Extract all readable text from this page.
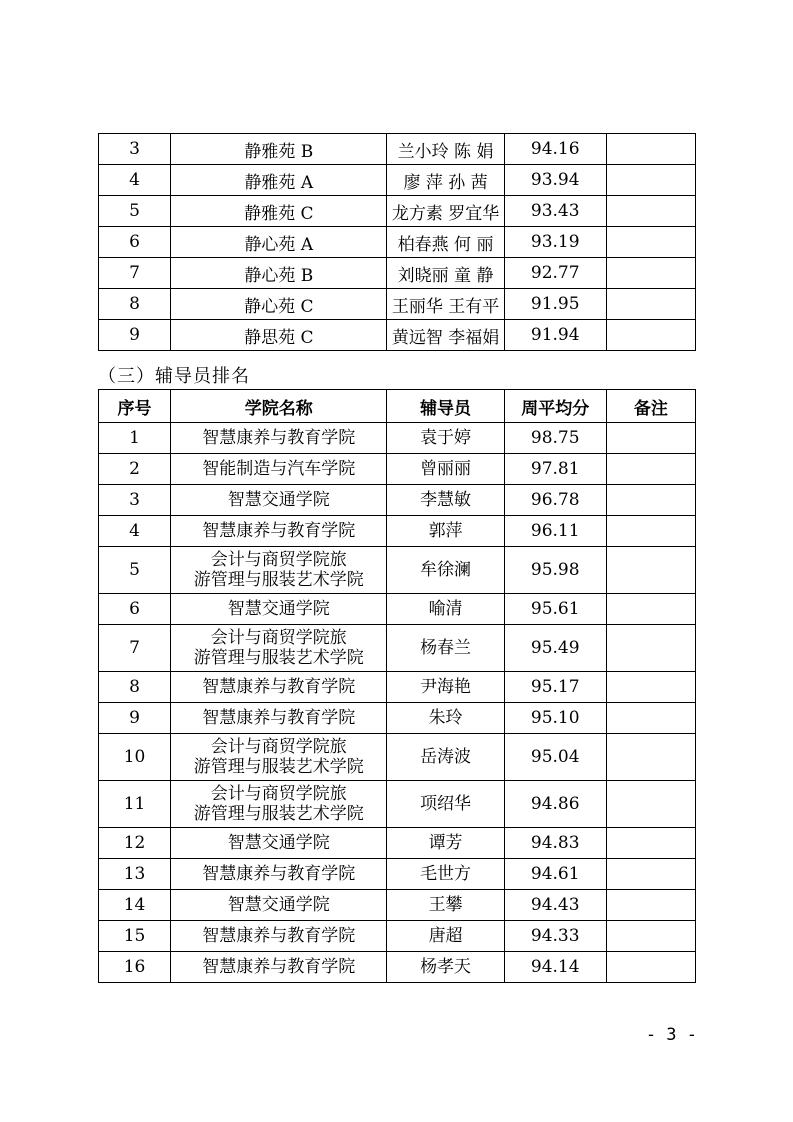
3	静雅苑 B	兰小玲 陈 娟	94.16	
4	静雅苑 A	廖 萍 孙 茜	93.94	
5	静雅苑 C	龙方素 罗宜华	93.43	
6	静心苑 A	柏春燕 何 丽	93.19	
7	静心苑 B	刘晓丽 童 静	92.77	
8	静心苑 C	王丽华 王有平	91.95	
9	静思苑 C	黄远智 李福娟	91.94	
（三）辅导员排名
序号	学院名称	辅导员	周平均分	备注
1	智慧康养与教育学院	袁于婷	98.75	
2	智能制造与汽车学院	曾丽丽	97.81	
3	智慧交通学院	李慧敏	96.78	
4	智慧康养与教育学院	郭萍	96.11	
5	会计与商贸学院旅
游管理与服装艺术学院	牟徐澜	95.98	
6	智慧交通学院	喻清	95.61	
7	会计与商贸学院旅
游管理与服装艺术学院	杨春兰	95.49	
8	智慧康养与教育学院	尹海艳	95.17	
9	智慧康养与教育学院	朱玲	95.10	
10	会计与商贸学院旅
游管理与服装艺术学院	岳涛波	95.04	
11	会计与商贸学院旅
游管理与服装艺术学院	项绍华	94.86	
12	智慧交通学院	谭芳	94.83	
13	智慧康养与教育学院	毛世方	94.61	
14	智慧交通学院	王攀	94.43	
15	智慧康养与教育学院	唐超	94.33	
16	智慧康养与教育学院	杨孝天	94.14	
- 3 -
